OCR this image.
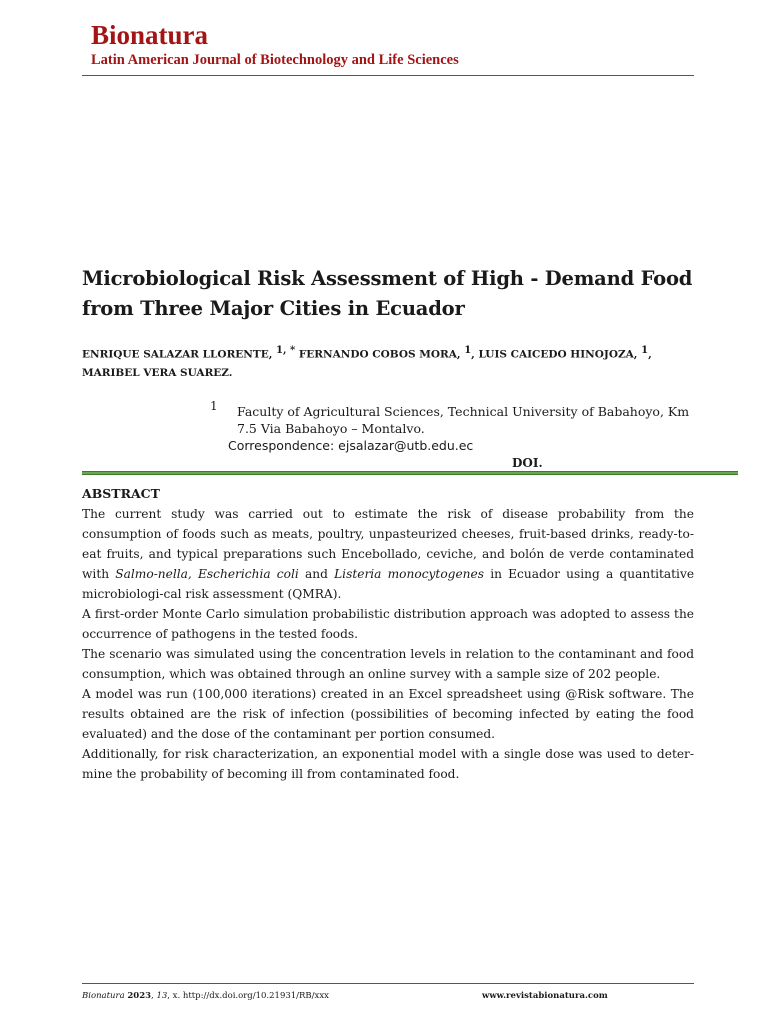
Bionatura
Latin American Journal of Biotechnology and Life Sciences
Microbiological Risk Assessment of High - Demand Food from Three Major Cities in Ecuador
ENRIQUE SALAZAR LLORENTE, $^{1, *}$ FERNANDO COBOS MORA, $^1$, LUIS CAICEDO HINOJOZA, $^1$,
MARIBEL VERA SUAREZ.
1 Faculty of Agricultural Sciences, Technical University of Babahoyo, Km 7.5 Via Babahoyo – Montalvo.
Correspondence: ejsalazar@utb.edu.ec
DOI.
ABSTRACT

The current study was carried out to estimate the risk of disease probability from the consumption of foods such as meats, poultry, unpasteurized cheeses, fruit-based drinks, ready-to-eat fruits, and typical preparations such Encebollado, ceviche, and bolón de verde contaminated with Salmo-nella, Escherichia coli and Listeria monocytogenes in Ecuador using a quantitative microbiologi-cal risk assessment (QMRA).

A first-order Monte Carlo simulation probabilistic distribution approach was adopted to assess the occurrence of pathogens in the tested foods.

The scenario was simulated using the concentration levels in relation to the contaminant and food consumption, which was obtained through an online survey with a sample size of 202 people.

A model was run (100,000 iterations) created in an Excel spreadsheet using @Risk software. The results obtained are the risk of infection (possibilities of becoming infected by eating the food evaluated) and the dose of the contaminant per portion consumed.

Additionally, for risk characterization, an exponential model with a single dose was used to deter-mine the probability of becoming ill from contaminated food.

Bionatura 2023, 13, x. http://dx.doi.org/10.21931/RB/xxx	www.revistabionatura.com
